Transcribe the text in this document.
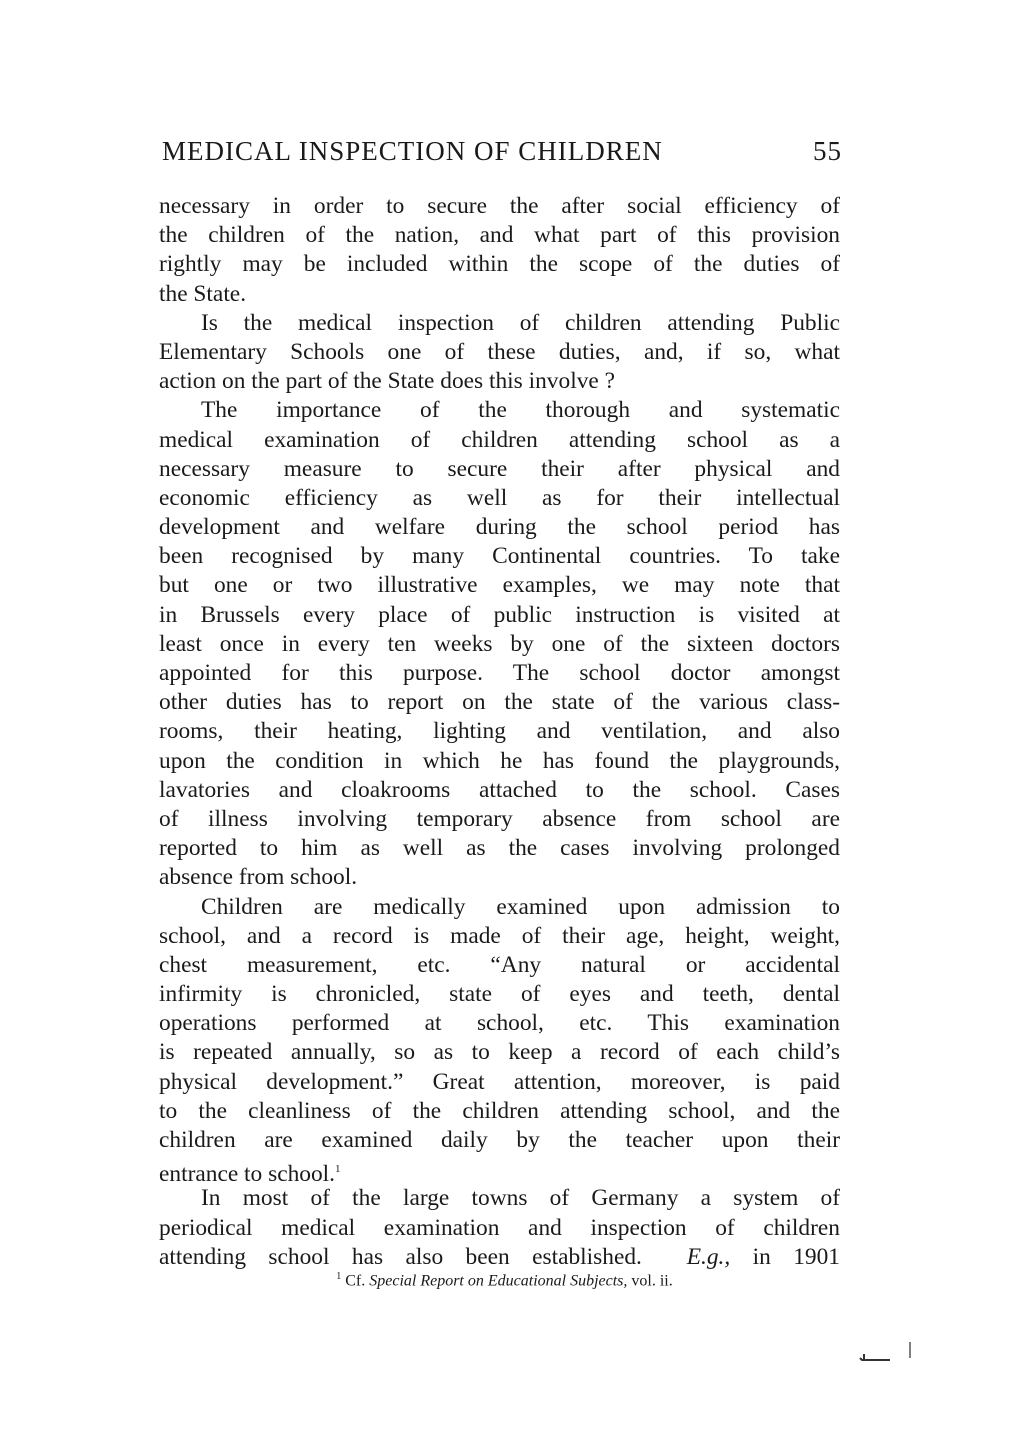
MEDICAL INSPECTION OF CHILDREN	55
necessary in order to secure the after social efficiency of
the children of the nation, and what part of this provision
rightly may be included within the scope of the duties of
the State.
Is the medical inspection of children attending Public
Elementary Schools one of these duties, and, if so, what
action on the part of the State does this involve ?
The importance of the thorough and systematic
medical examination of children attending school as a
necessary measure to secure their after physical and
economic efficiency as well as for their intellectual
development and welfare during the school period has
been recognised by many Continental countries. To take
but one or two illustrative examples, we may note that
in Brussels every place of public instruction is visited at
least once in every ten weeks by one of the sixteen doctors
appointed for this purpose. The school doctor amongst
other duties has to report on the state of the various class-
rooms, their heating, lighting and ventilation, and also
upon the condition in which he has found the playgrounds,
lavatories and cloakrooms attached to the school. Cases
of illness involving temporary absence from school are
reported to him as well as the cases involving prolonged
absence from school.
Children are medically examined upon admission to
school, and a record is made of their age, height, weight,
chest measurement, etc. “Any natural or accidental
infirmity is chronicled, state of eyes and teeth, dental
operations performed at school, etc. This examination
is repeated annually, so as to keep a record of each child’s
physical development.” Great attention, moreover, is paid
to the cleanliness of the children attending school, and the
children are examined daily by the teacher upon their
entrance to school.$^1$
In most of the large towns of Germany a system of
periodical medical examination and inspection of children
attending school has also been established. E.g., in 1901
$^1$ Cf. Special Report on Educational Subjects, vol. ii.
